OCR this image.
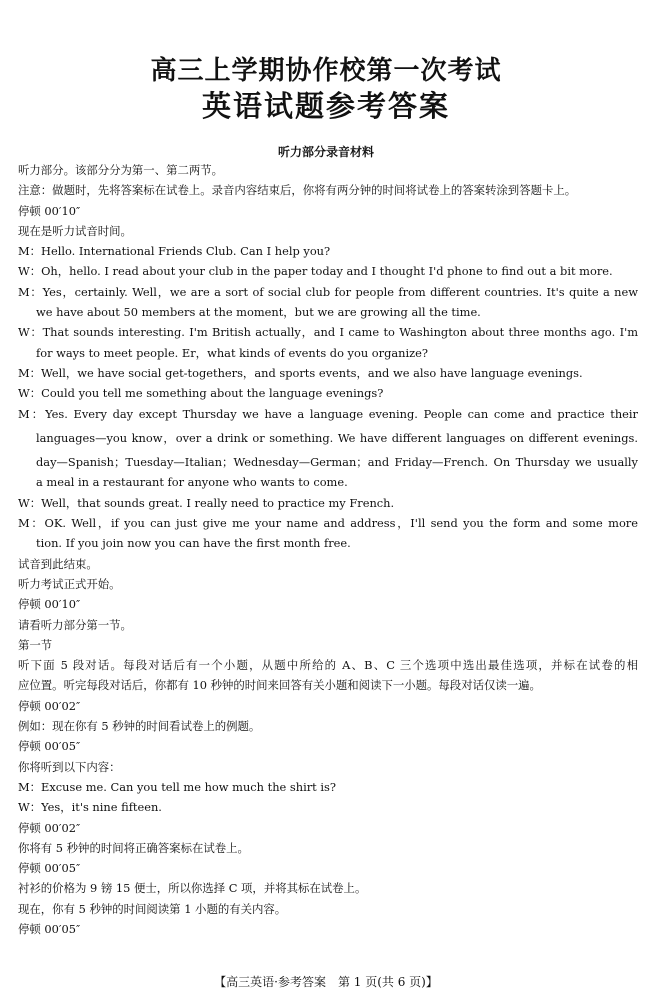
高三上学期协作校第一次考试
英语试题参考答案
听力部分录音材料
听力部分。该部分分为第一、第二两节。
注意：做题时，先将答案标在试卷上。录音内容结束后，你将有两分钟的时间将试卷上的答案转涂到答题卡上。
停顿 00′10″
现在是听力试音时间。
M：Hello. International Friends Club. Can I help you?
W：Oh，hello. I read about your club in the paper today and I thought I'd phone to find out a bit more.
M：Yes，certainly. Well，we are a sort of social club for people from different countries. It's quite a new
we have about 50 members at the moment，but we are growing all the time.
W：That sounds interesting. I'm British actually，and I came to Washington about three months ago. I'm
for ways to meet people. Er，what kinds of events do you organize?
M：Well，we have social get-togethers，and sports events，and we also have language evenings.
W：Could you tell me something about the language evenings?
M：Yes. Every day except Thursday we have a language evening. People can come and practice their
languages—you know，over a drink or something. We have different languages on different evenings.
day—Spanish；Tuesday—Italian；Wednesday—German；and Friday—French. On Thursday we usually
a meal in a restaurant for anyone who wants to come.
W：Well，that sounds great. I really need to practice my French.
M：OK. Well，if you can just give me your name and address，I'll send you the form and some more
tion. If you join now you can have the first month free.
试音到此结束。
听力考试正式开始。
停顿 00′10″
请看听力部分第一节。
第一节
听下面 5 段对话。每段对话后有一个小题，从题中所给的 A、B、C 三个选项中选出最佳选项，并标在试卷的相
应位置。听完每段对话后，你都有 10 秒钟的时间来回答有关小题和阅读下一小题。每段对话仅读一遍。
停顿 00′02″
例如：现在你有 5 秒钟的时间看试卷上的例题。
停顿 00′05″
你将听到以下内容：
M：Excuse me. Can you tell me how much the shirt is?
W：Yes，it's nine fifteen.
停顿 00′02″
你将有 5 秒钟的时间将正确答案标在试卷上。
停顿 00′05″
衬衫的价格为 9 镑 15 便士，所以你选择 C 项，并将其标在试卷上。
现在，你有 5 秒钟的时间阅读第 1 小题的有关内容。
停顿 00′05″
【高三英语·参考答案　第 1 页(共 6 页)】
